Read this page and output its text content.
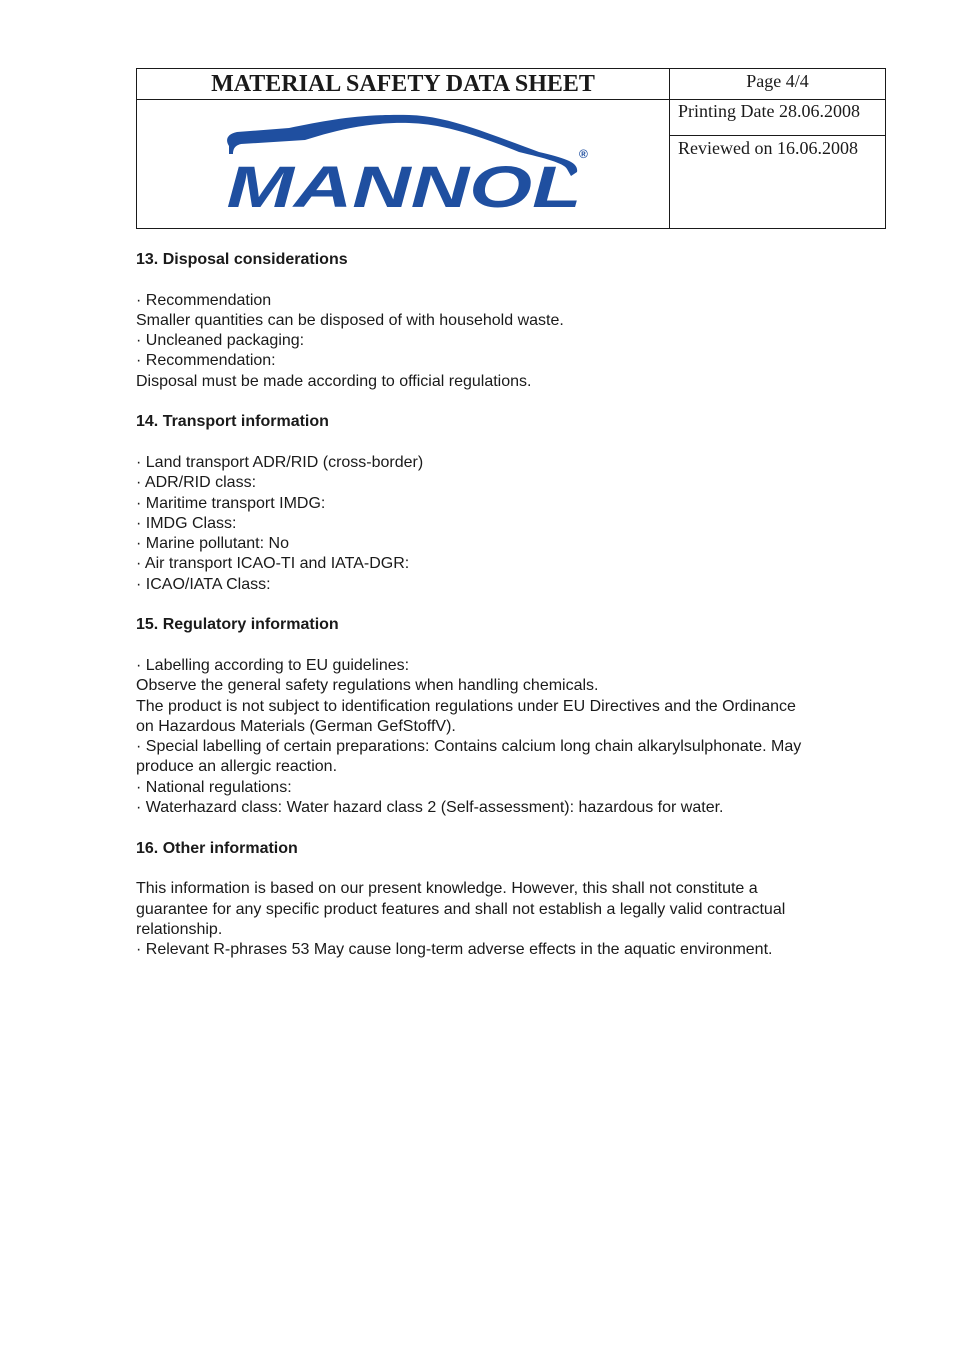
MATERIAL SAFETY DATA SHEET
MANNOL
®
Page 4/4
Printing Date 28.06.2008
Reviewed on 16.06.2008

13. Disposal considerations

· Recommendation

Smaller quantities can be disposed of with household waste.

· Uncleaned packaging:

· Recommendation:

Disposal must be made according to official regulations.

14. Transport information

· Land transport ADR/RID (cross-border)

· ADR/RID class:

· Maritime transport IMDG:

· IMDG Class:

· Marine pollutant: No

· Air transport ICAO-TI and IATA-DGR:

· ICAO/IATA Class:

15. Regulatory information

· Labelling according to EU guidelines:

Observe the general safety regulations when handling chemicals.

The product is not subject to identification regulations under EU Directives and the Ordinance

on Hazardous Materials (German GefStoffV).

· Special labelling of certain preparations: Contains calcium long chain alkarylsulphonate. May

produce an allergic reaction.

· National regulations:

· Waterhazard class: Water hazard class 2 (Self-assessment): hazardous for water.

16. Other information

This information is based on our present knowledge. However, this shall not constitute a

guarantee for any specific product features and shall not establish a legally valid contractual

relationship.

· Relevant R-phrases 53 May cause long-term adverse effects in the aquatic environment.
